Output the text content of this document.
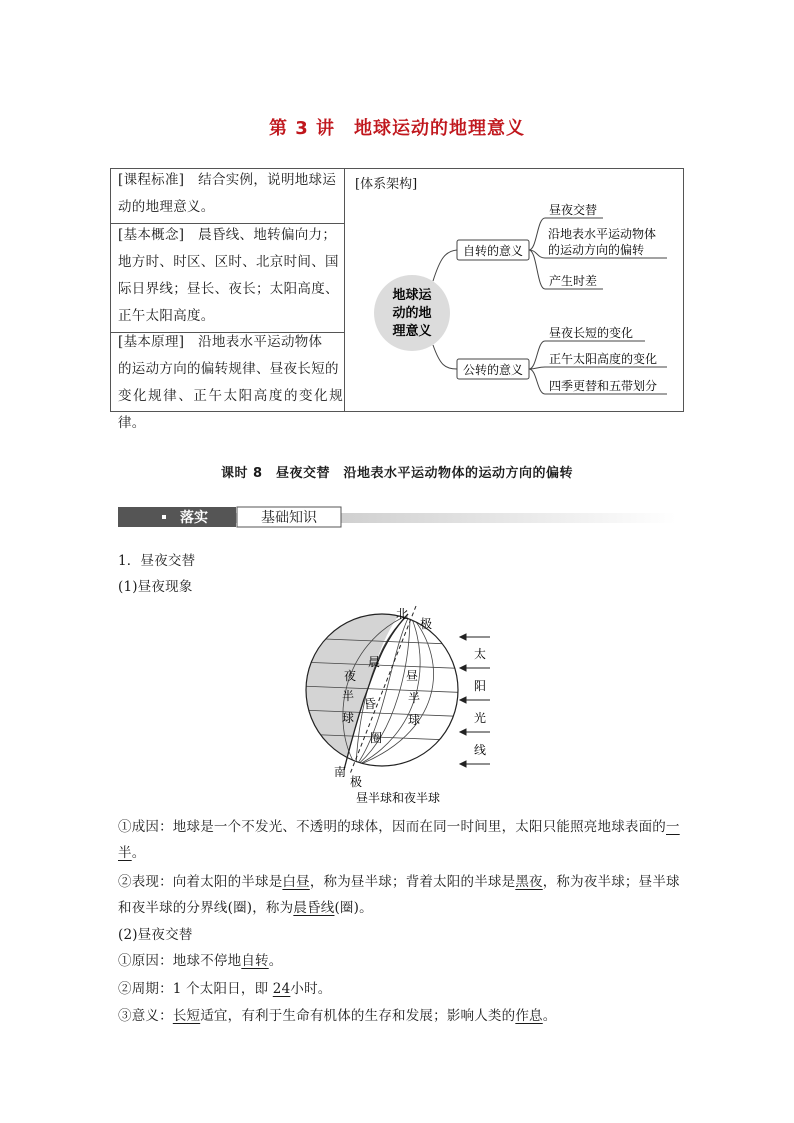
第 3 讲　地球运动的地理意义
[课程标准]  结合实例，说明地球运
动的地理意义。
[基本概念]  晨昏线、地转偏向力；
地方时、时区、区时、北京时间、国
际日界线；昼长、夜长；太阳高度、
正午太阳高度。
[基本原理]  沿地表水平运动物体
的运动方向的偏转规律、昼夜长短的
变化规律、正午太阳高度的变化规律。
[体系架构]
地球运
动的地
理意义
自转的意义
公转的意义
昼夜交替
沿地表水平运动物体
的运动方向的偏转
产生时差
昼夜长短的变化
正午太阳高度的变化
四季更替和五带划分
课时 8　昼夜交替　沿地表水平运动物体的运动方向的偏转
落实	基础知识
1．昼夜交替
(1)昼夜现象
北
极
南
极
夜
半
球
昼
半
球
晨
昏
圈
太
阳
光
线
昼半球和夜半球
①成因：地球是一个不发光、不透明的球体，因而在同一时间里，太阳只能照亮地球表面的一半。
②表现：向着太阳的半球是白昼，称为昼半球；背着太阳的半球是黑夜，称为夜半球；昼半球和夜半球的分界线(圈)，称为晨昏线(圈)。
(2)昼夜交替
①原因：地球不停地自转。
②周期：1 个太阳日，即 24小时。
③意义：长短适宜，有利于生命有机体的生存和发展；影响人类的作息。
